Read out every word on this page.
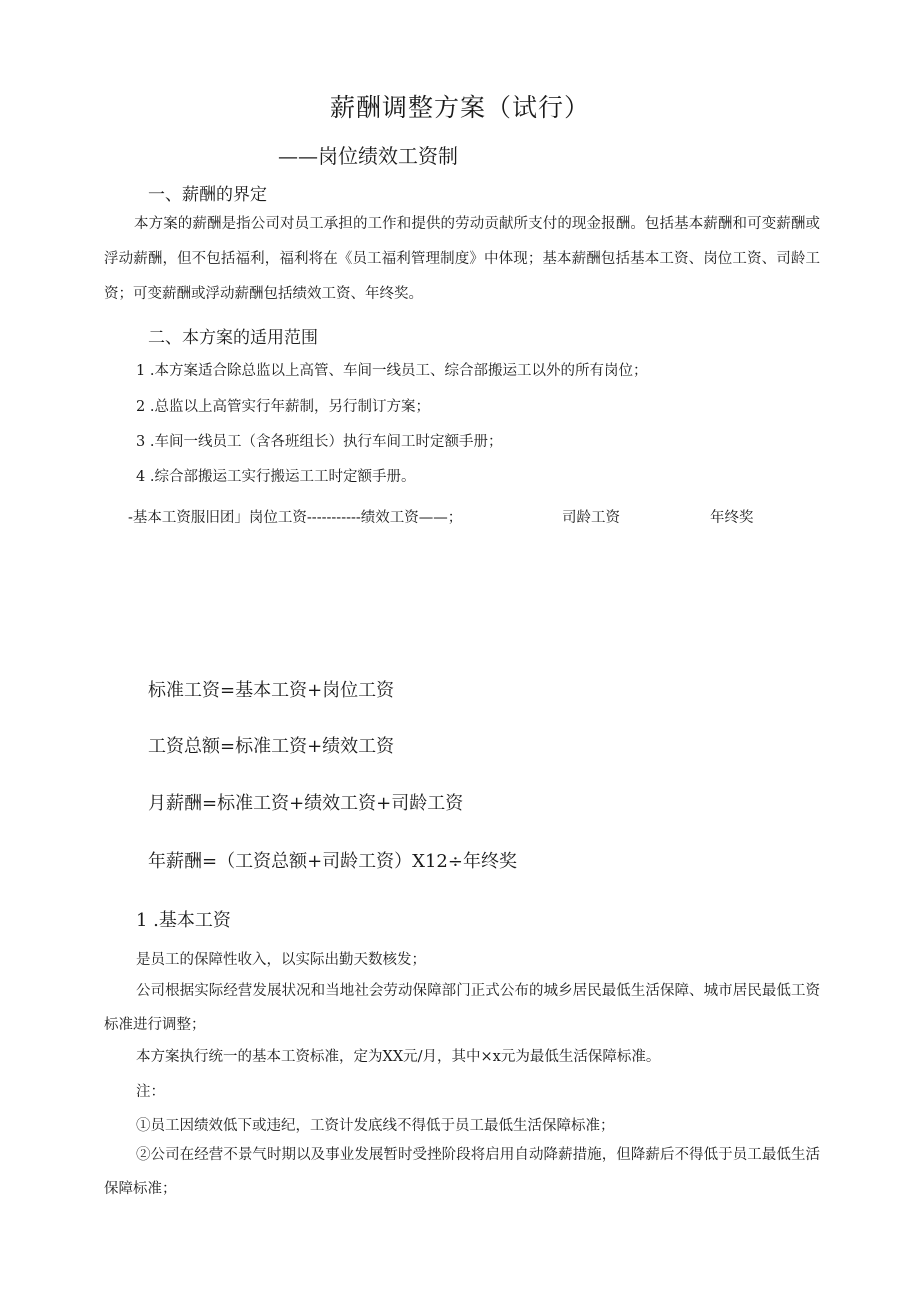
薪酬调整方案（试行）
——岗位绩效工资制
一、薪酬的界定
本方案的薪酬是指公司对员工承担的工作和提供的劳动贡献所支付的现金报酬。包括基本薪酬和可变薪酬或浮动薪酬，但不包括福利，福利将在《员工福利管理制度》中体现；基本薪酬包括基本工资、岗位工资、司龄工资；可变薪酬或浮动薪酬包括绩效工资、年终奖。
二、本方案的适用范围
1 .本方案适合除总监以上高管、车间一线员工、综合部搬运工以外的所有岗位；
2 .总监以上高管实行年薪制，另行制订方案；
3 .车间一线员工（含各班组长）执行车间工时定额手册；
4 .综合部搬运工实行搬运工工时定额手册。
-基本工资服旧团」岗位工资-----------绩效工资——；	司龄工资	年终奖
标准工资=基本工资+岗位工资
工资总额=标准工资+绩效工资
月薪酬=标准工资+绩效工资+司龄工资
年薪酬=（工资总额+司龄工资）X12÷年终奖
1 .基本工资
是员工的保障性收入，以实际出勤天数核发；
公司根据实际经营发展状况和当地社会劳动保障部门正式公布的城乡居民最低生活保障、城市居民最低工资标准进行调整；
本方案执行统一的基本工资标准，定为XX元/月，其中×x元为最低生活保障标准。
注：
①员工因绩效低下或违纪，工资计发底线不得低于员工最低生活保障标准；
②公司在经营不景气时期以及事业发展暂时受挫阶段将启用自动降薪措施，但降薪后不得低于员工最低生活保障标准；
